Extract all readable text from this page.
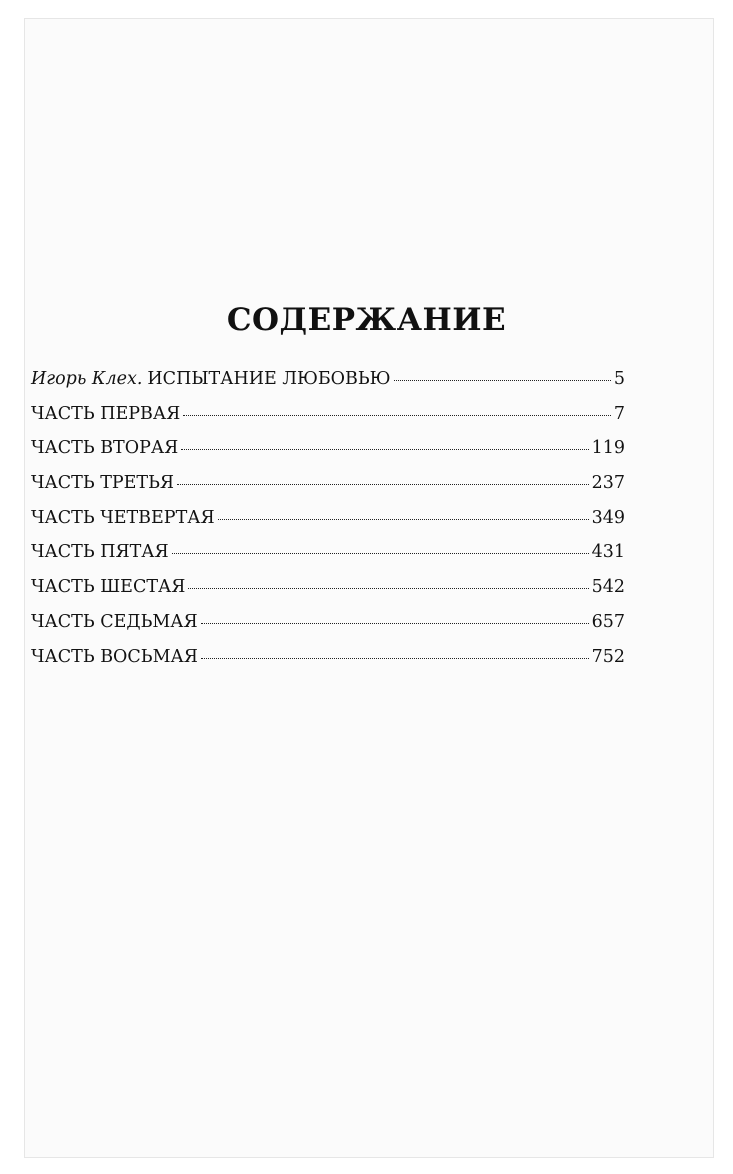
СОДЕРЖАНИЕ
Игорь Клех. ИСПЫТАНИЕ ЛЮБОВЬЮ	5
ЧАСТЬ ПЕРВАЯ	7
ЧАСТЬ ВТОРАЯ	119
ЧАСТЬ ТРЕТЬЯ	237
ЧАСТЬ ЧЕТВЕРТАЯ	349
ЧАСТЬ ПЯТАЯ	431
ЧАСТЬ ШЕСТАЯ	542
ЧАСТЬ СЕДЬМАЯ	657
ЧАСТЬ ВОСЬМАЯ	752
